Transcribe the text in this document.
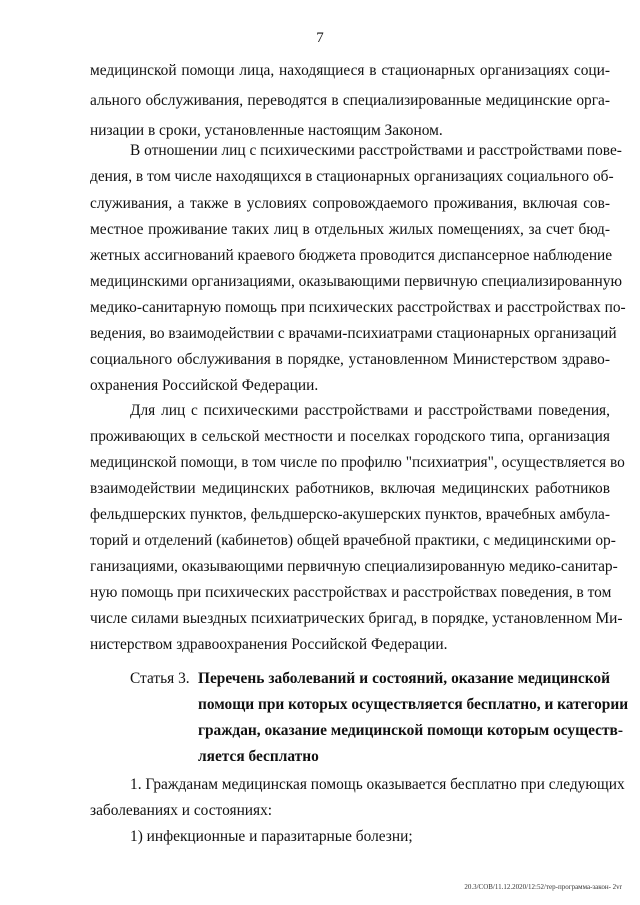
7
медицинской помощи лица, находящиеся в стационарных организациях соци-
ального обслуживания, переводятся в специализированные медицинские орга-
низации в сроки, установленные настоящим Законом.
В отношении лиц с психическими расстройствами и расстройствами пове-
дения, в том числе находящихся в стационарных организациях социального об-
служивания, а также в условиях сопровождаемого проживания, включая сов-
местное проживание таких лиц в отдельных жилых помещениях, за счет бюд-
жетных ассигнований краевого бюджета проводится диспансерное наблюдение
медицинскими организациями, оказывающими первичную специализированную
медико-санитарную помощь при психических расстройствах и расстройствах по-
ведения, во взаимодействии с врачами-психиатрами стационарных организаций
социального обслуживания в порядке, установленном Министерством здраво-
охранения Российской Федерации.
Для лиц с психическими расстройствами и расстройствами поведения,
проживающих в сельской местности и поселках городского типа, организация
медицинской помощи, в том числе по профилю "психиатрия", осуществляется во
взаимодействии медицинских работников, включая медицинских работников
фельдшерских пунктов, фельдшерско-акушерских пунктов, врачебных амбула-
торий и отделений (кабинетов) общей врачебной практики, с медицинскими ор-
ганизациями, оказывающими первичную специализированную медико-санитар-
ную помощь при психических расстройствах и расстройствах поведения, в том
числе силами выездных психиатрических бригад, в порядке, установленном Ми-
нистерством здравоохранения Российской Федерации.
Статья 3. Перечень заболеваний и состояний, оказание медицинской
помощи при которых осуществляется бесплатно, и категории
граждан, оказание медицинской помощи которым осуществ-
ляется бесплатно
1. Гражданам медицинская помощь оказывается бесплатно при следующих
заболеваниях и состояниях:
1) инфекционные и паразитарные болезни;
20.3/СОВ/11.12.2020/12:52/тер-программа-закон- 2vr
